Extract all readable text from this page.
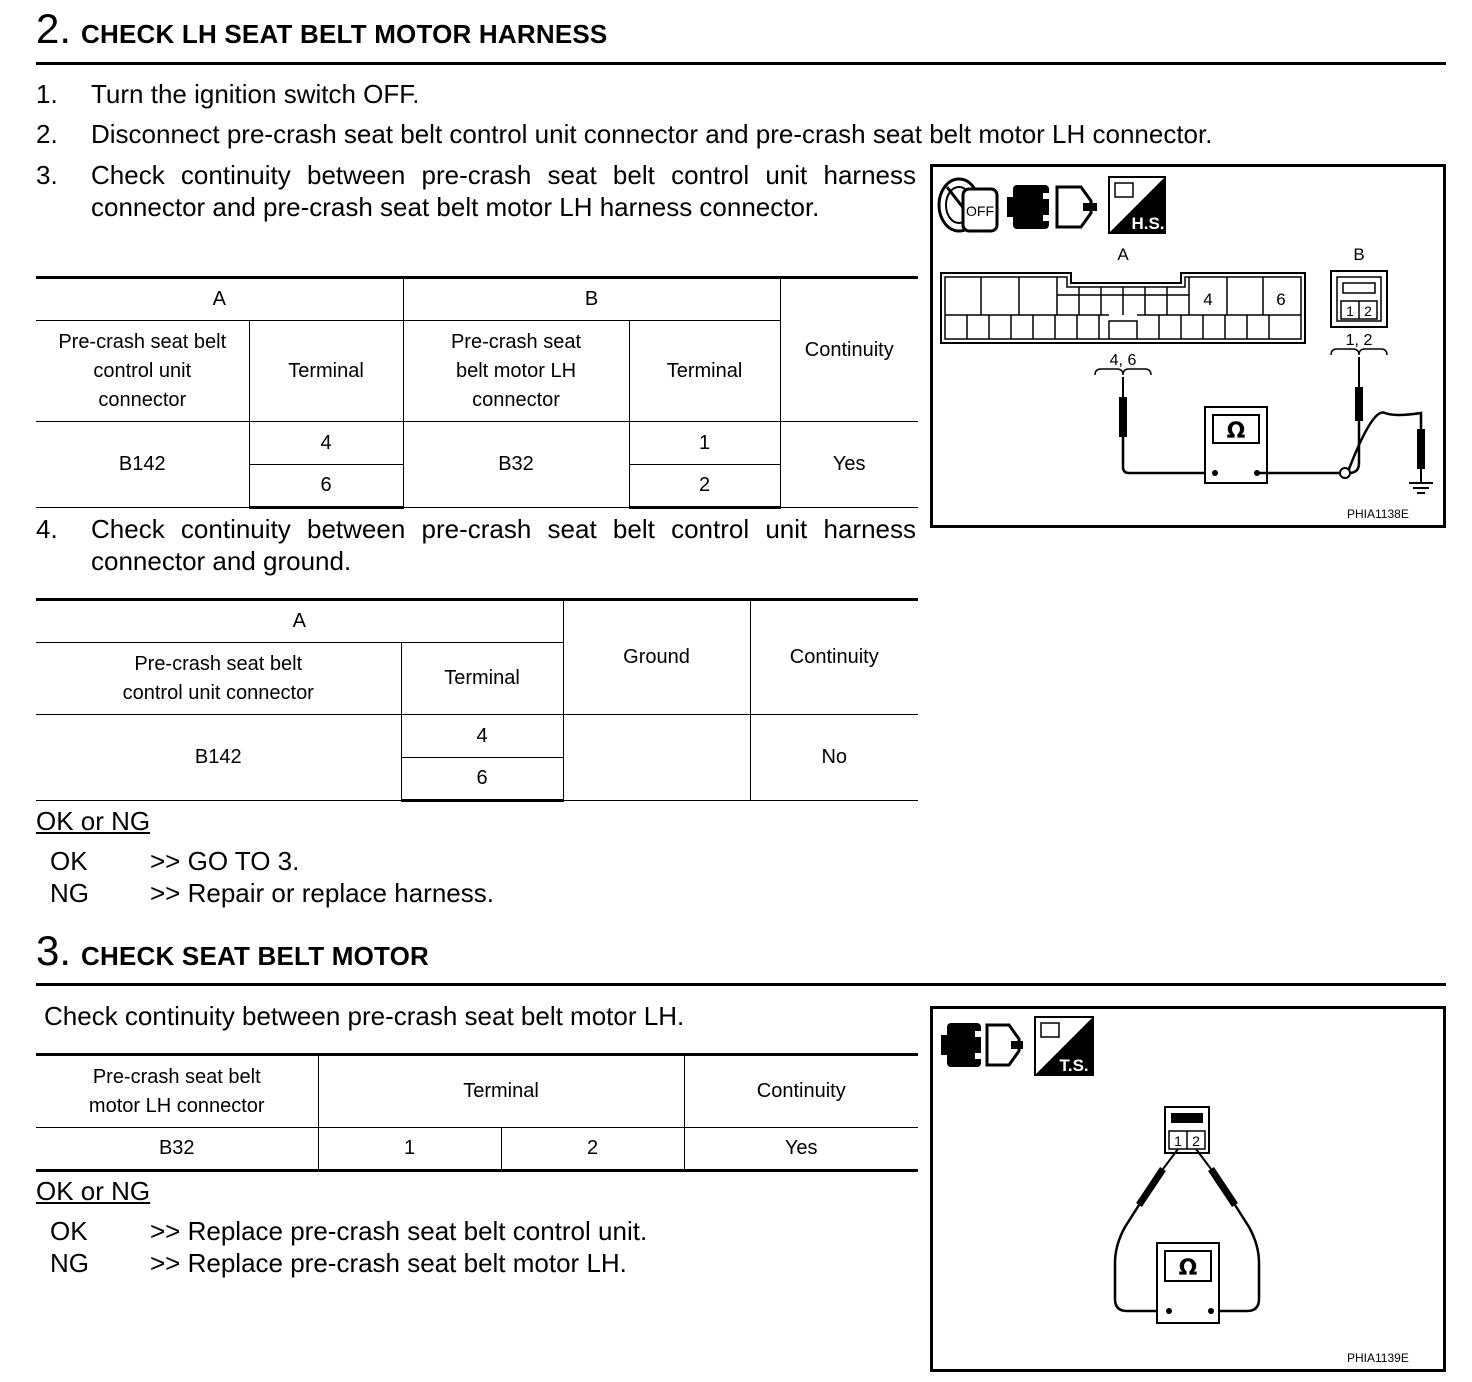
2. CHECK LH SEAT BELT MOTOR HARNESS
1. Turn the ignition switch OFF.
2. Disconnect pre-crash seat belt control unit connector and pre-crash seat belt motor LH connector.
3. Check continuity between pre-crash seat belt control unit harness connector and pre-crash seat belt motor LH harness connector.
A		B		Continuity
Pre-crash seat belt control unit connector	Terminal	Pre-crash seat belt motor LH connector	Terminal	
B142	4	B32	1	Yes
	6		2	
4. Check continuity between pre-crash seat belt control unit harness connector and ground.
A		Ground	Continuity
Pre-crash seat belt control unit connector	Terminal		
B142	4		No
	6		
OK or NG
OK >> GO TO 3.
NG >> Repair or replace harness.
OFF
H.S.
A
4	6
B
1 2
4, 6
1, 2
Ω
PHIA1138E
3. CHECK SEAT BELT MOTOR
Check continuity between pre-crash seat belt motor LH.
Pre-crash seat belt motor LH connector	Terminal		Continuity
B32	1	2	Yes
OK or NG
OK >> Replace pre-crash seat belt control unit.
NG >> Replace pre-crash seat belt motor LH.
T.S.
1 2
Ω
PHIA1139E
